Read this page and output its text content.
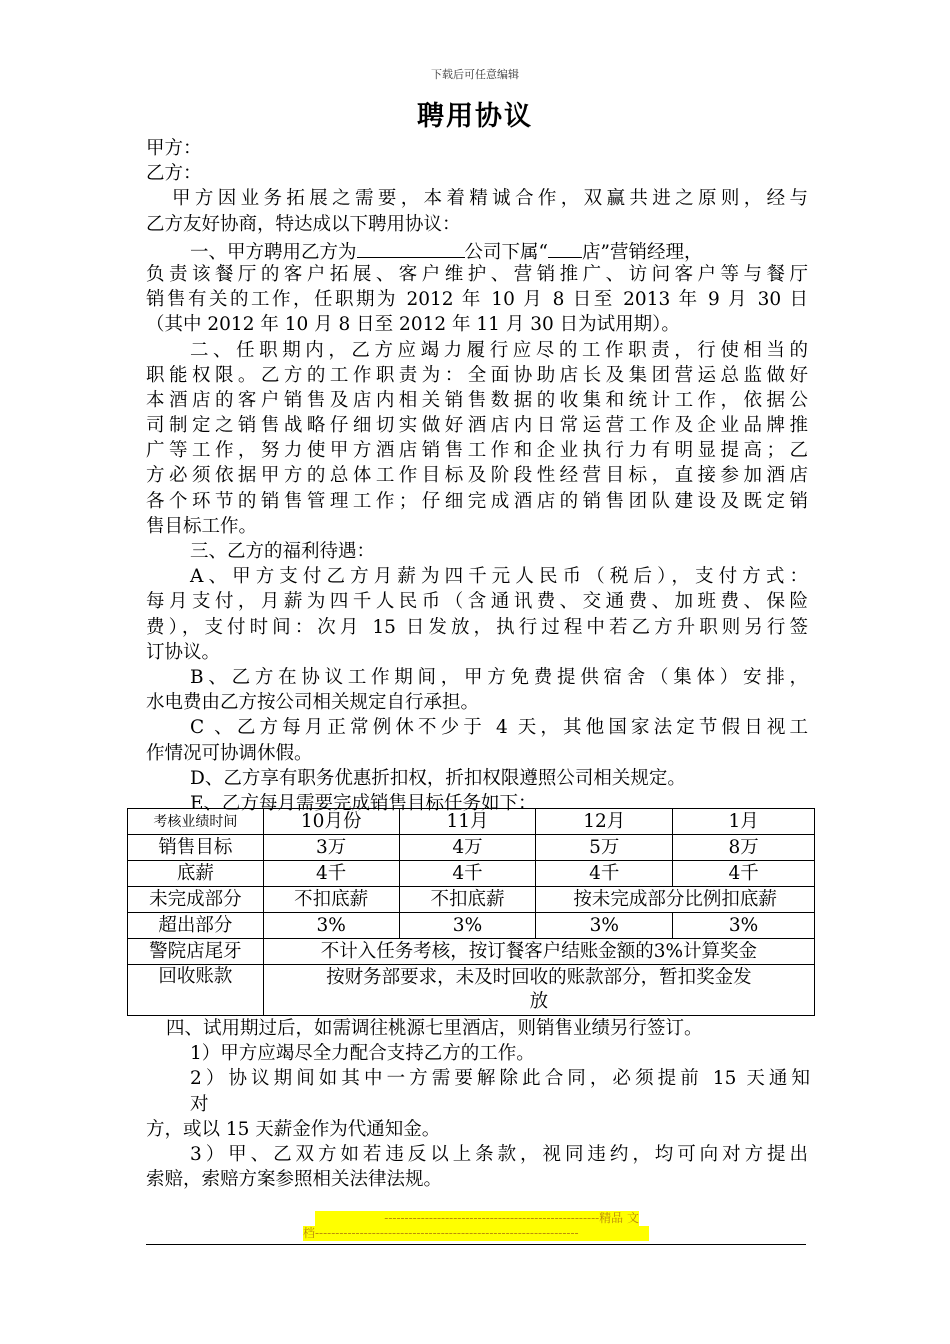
下载后可任意编辑
聘用协议
甲方：
乙方：
甲方因业务拓展之需要，本着精诚合作，双赢共进之原则，经与
乙方友好协商，特达成以下聘用协议：
一、甲方聘用乙方为	公司下属“ 店”营销经理，
负责该餐厅的客户拓展、客户维护、营销推广、访问客户等与餐厅
销售有关的工作，任职期为 2012 年 10 月 8 日至 2013 年 9 月 30 日
（其中 2012 年 10 月 8 日至 2012 年 11 月 30 日为试用期）。
二、任职期内，乙方应竭力履行应尽的工作职责，行使相当的
职能权限。乙方的工作职责为：全面协助店长及集团营运总监做好
本酒店的客户销售及店内相关销售数据的收集和统计工作，依据公
司制定之销售战略仔细切实做好酒店内日常运营工作及企业品牌推
广等工作，努力使甲方酒店销售工作和企业执行力有明显提高；乙
方必须依据甲方的总体工作目标及阶段性经营目标，直接参加酒店
各个环节的销售管理工作；仔细完成酒店的销售团队建设及既定销
售目标工作。
三、乙方的福利待遇：
A、甲方支付乙方月薪为四千元人民币（税后），支付方式：
每月支付，月薪为四千人民币（含通讯费、交通费、加班费、保险
费），支付时间：次月 15 日发放，执行过程中若乙方升职则另行签
订协议。
B、乙方在协议工作期间，甲方免费提供宿舍（集体）安排，
水电费由乙方按公司相关规定自行承担。
C 、乙方每月正常例休不少于 4 天，其他国家法定节假日视工
作情况可协调休假。
D、乙方享有职务优惠折扣权，折扣权限遵照公司相关规定。
E、乙方每月需要完成销售目标任务如下：
考核业绩时间	10月份	11月	12月	1月
销售目标	3万	4万	5万	8万
底薪	4千	4千	4千	4千
未完成部分	不扣底薪	不扣底薪	按未完成部分比例扣底薪	
超出部分	3%	3%	3%	3%
警院店尾牙	不计入任务考核，按订餐客户结账金额的3%计算奖金			
回收账款	按财务部要求，未及时回收的账款部分，暂扣奖金发
放			
四、试用期过后，如需调往桃源七里酒店，则销售业绩另行签订。
1）甲方应竭尽全力配合支持乙方的工作。
2）协议期间如其中一方需要解除此合同，必须提前 15 天通知
对
方，或以 15 天薪金作为代通知金。
3）甲、乙双方如若违反以上条款，视同违约，均可向对方提出
索赔，索赔方案参照相关法律法规。
-----------------------------------------------------精品 文
档-----------------------------------------------------------------
